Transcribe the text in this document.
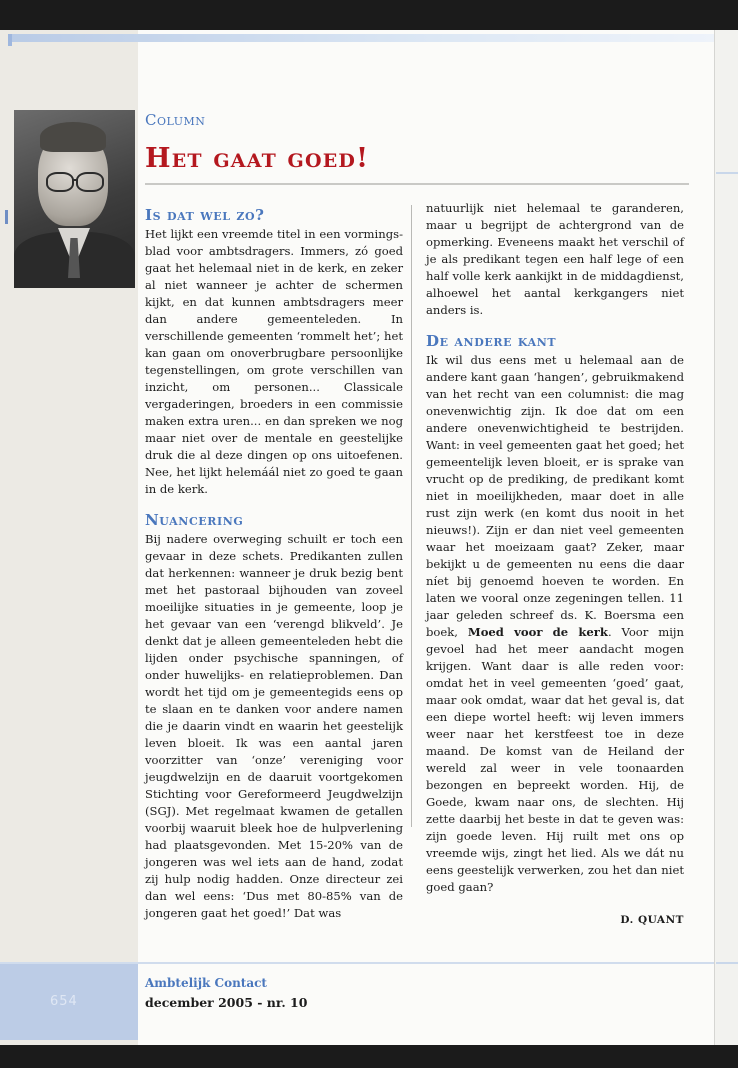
Column

Het gaat goed!
Is dat wel zo?

Het lijkt een vreemde titel in een vormingsblad voor ambtsdragers. Immers, zó goed gaat het helemaal niet in de kerk, en zeker al niet wanneer je achter de schermen kijkt, en dat kunnen ambtsdragers meer dan andere gemeenteleden. In verschillende gemeenten ‘rommelt het’; het kan gaan om onoverbrugbare persoonlijke tegenstellingen, om grote verschillen van inzicht, om personen... Classicale vergaderingen, broeders in een commissie maken extra uren... en dan spreken we nog maar niet over de mentale en geestelijke druk die al deze dingen op ons uitoefenen. Nee, het lijkt helemáál niet zo goed te gaan in de kerk.

Nuancering

Bij nadere overweging schuilt er toch een gevaar in deze schets. Predikanten zullen dat herkennen: wanneer je druk bezig bent met het pastoraal bijhouden van zoveel moeilijke situaties in je gemeente, loop je het gevaar van een ‘verengd blikveld’. Je denkt dat je alleen gemeenteleden hebt die lijden onder psychische spanningen, of onder huwelijks- en relatieproblemen. Dan wordt het tijd om je gemeentegids eens op te slaan en te danken voor andere namen die je daarin vindt en waarin het geestelijk leven bloeit. Ik was een aantal jaren voorzitter van ‘onze’ vereniging voor jeugdwelzijn en de daaruit voortgekomen Stichting voor Gereformeerd Jeugdwelzijn (SGJ). Met regelmaat kwamen de getallen voorbij waaruit bleek hoe de hulpverlening had plaatsgevonden. Met 15-20% van de jongeren was wel iets aan de hand, zodat zij hulp nodig hadden. Onze directeur zei dan wel eens: ‘Dus met 80-85% van de jongeren gaat het goed!’ Dat was

natuurlijk niet helemaal te garanderen, maar u begrijpt de achtergrond van de opmerking. Eveneens maakt het verschil of je als predikant tegen een half lege of een half volle kerk aankijkt in de middagdienst, alhoewel het aantal kerkgangers niet anders is.

De andere kant

Ik wil dus eens met u helemaal aan de andere kant gaan ‘hangen’, gebruikmakend van het recht van een columnist: die mag onevenwichtig zijn. Ik doe dat om een andere onevenwichtigheid te bestrijden. Want: in veel gemeenten gaat het goed; het gemeentelijk leven bloeit, er is sprake van vrucht op de prediking, de predikant komt niet in moeilijkheden, maar doet in alle rust zijn werk (en komt dus nooit in het nieuws!). Zijn er dan niet veel gemeenten waar het moeizaam gaat? Zeker, maar bekijkt u de gemeenten nu eens die daar níet bij genoemd hoeven te worden. En laten we vooral onze zegeningen tellen. 11 jaar geleden schreef ds. K. Boersma een boek, Moed voor de kerk. Voor mijn gevoel had het meer aandacht mogen krijgen. Want daar is alle reden voor: omdat het in veel gemeenten ‘goed’ gaat, maar ook omdat, waar dat het geval is, dat een diepe wortel heeft: wij leven immers weer naar het kerstfeest toe in deze maand. De komst van de Heiland der wereld zal weer in vele toonaarden bezongen en bepreekt worden. Hij, de Goede, kwam naar ons, de slechten. Hij zette daarbij het beste in dat te geven was: zijn goede leven. Hij ruilt met ons op vreemde wijs, zingt het lied. Als we dát nu eens geestelijk verwerken, zou het dan niet goed gaan?

D. QUANT

654

Ambtelijk Contact

december 2005 - nr. 10
